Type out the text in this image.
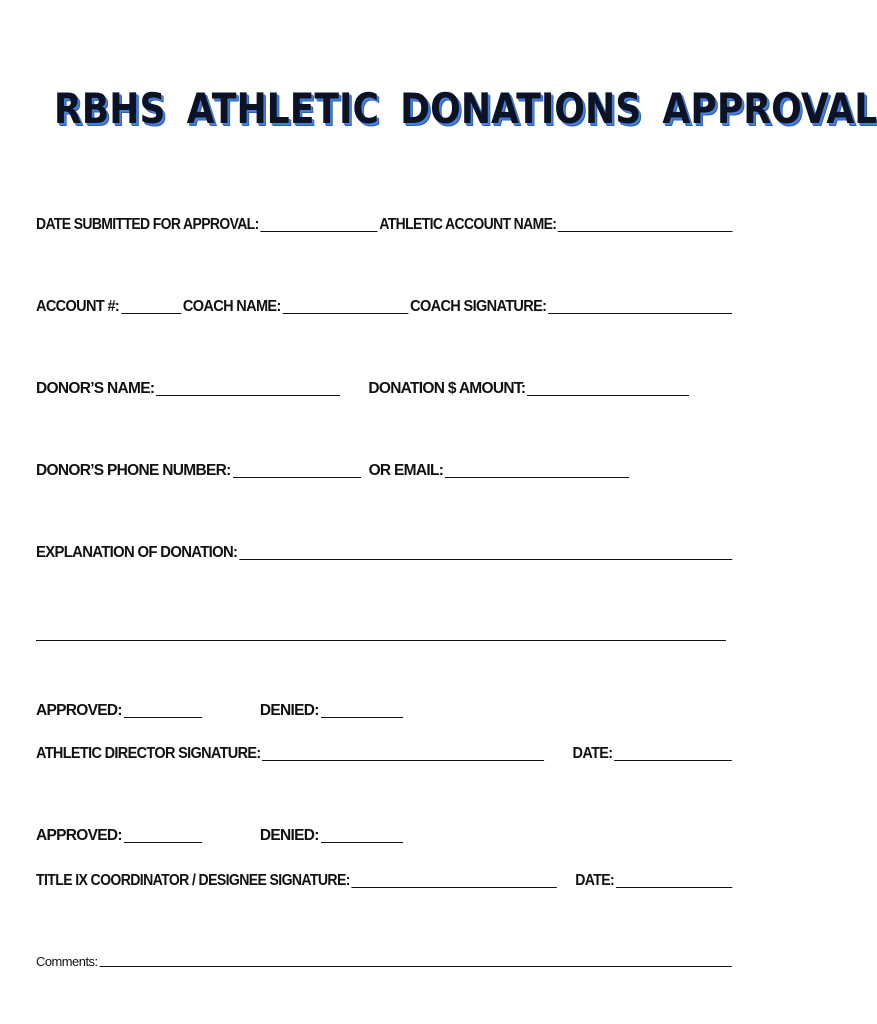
RBHS ATHLETIC DONATIONS APPROVAL
DATE SUBMITTED FOR APPROVAL:	ATHLETIC ACCOUNT NAME:
ACCOUNT #:	COACH NAME:	COACH SIGNATURE:
DONOR’S NAME:	DONATION $ AMOUNT:
DONOR’S PHONE NUMBER:	OR EMAIL:
EXPLANATION OF DONATION:
APPROVED:	DENIED:
ATHLETIC DIRECTOR SIGNATURE:	DATE:
APPROVED:	DENIED:
TITLE IX COORDINATOR / DESIGNEE SIGNATURE:	DATE:
Comments:
